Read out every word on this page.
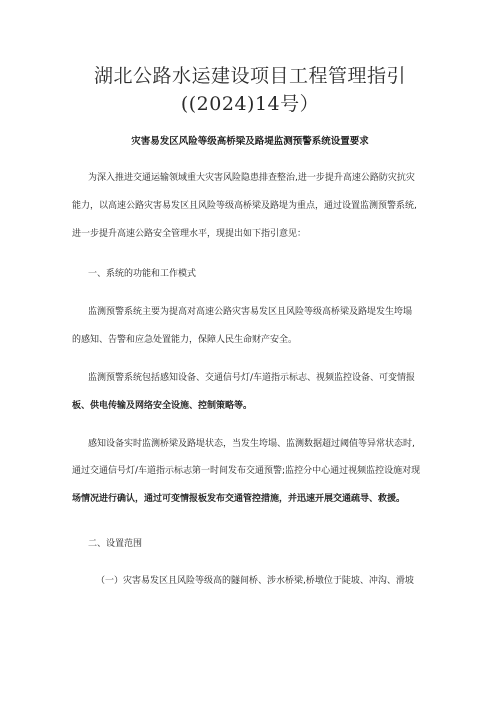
湖北公路水运建设项目工程管理指引
((2024)14号）
灾害易发区风险等级高桥梁及路堤监测预警系统设置要求
为深入推进交通运输领域重大灾害风险隐患排查整治,进一步提升高速公路防灾抗灾
能力，以高速公路灾害易发区且风险等级高桥梁及路堤为重点，通过设置监测预警系统,
进一步提升高速公路安全管理水平，现提出如下指引意见：
一、系统的功能和工作模式
监测预警系统主要为提高对高速公路灾害易发区且风险等级高桥梁及路堤发生垮塌
的感知、告警和应急处置能力，保障人民生命财产安全。
监测预警系统包括感知设备、交通信号灯/车道指示标志、视频监控设备、可变情报
板、供电传输及网络安全设施、控制策略等。
感知设备实时监测桥梁及路堤状态，当发生垮塌、监测数据超过阈值等异常状态时,
通过交通信号灯/车道指示标志第一时间发布交通预警;监控分中心通过视频监控设施对现
场情况进行确认，通过可变情报板发布交通管控措施，并迅速开展交通疏导、救援。
二、设置范围
（一）灾害易发区且风险等级高的隧间桥、涉水桥梁,桥墩位于陡坡、冲沟、滑坡
